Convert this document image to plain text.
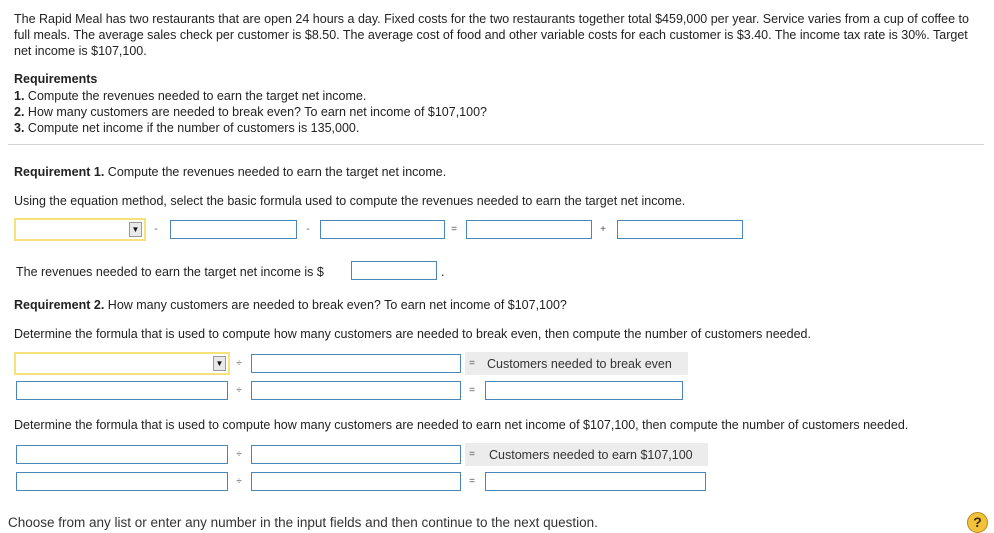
The Rapid Meal has two restaurants that are open 24 hours a day. Fixed costs for the two restaurants together total $459,000 per year. Service varies from a cup of coffee to full meals. The average sales check per customer is $8.50. The average cost of food and other variable costs for each customer is $3.40. The income tax rate is 30%. Target net income is $107,100.
Requirements
1. Compute the revenues needed to earn the target net income.
2. How many customers are needed to break even? To earn net income of $107,100?
3. Compute net income if the number of customers is 135,000.
Requirement 1. Compute the revenues needed to earn the target net income.
Using the equation method, select the basic formula used to compute the revenues needed to earn the target net income.
▼	-	-	=	+
The revenues needed to earn the target net income is $	.
Requirement 2. How many customers are needed to break even? To earn net income of $107,100?
Determine the formula that is used to compute how many customers are needed to break even, then compute the number of customers needed.
▼	÷	= Customers needed to break even
÷	=
Determine the formula that is used to compute how many customers are needed to earn net income of $107,100, then compute the number of customers needed.
÷	= Customers needed to earn $107,100
÷	=
Choose from any list or enter any number in the input fields and then continue to the next question.	?
